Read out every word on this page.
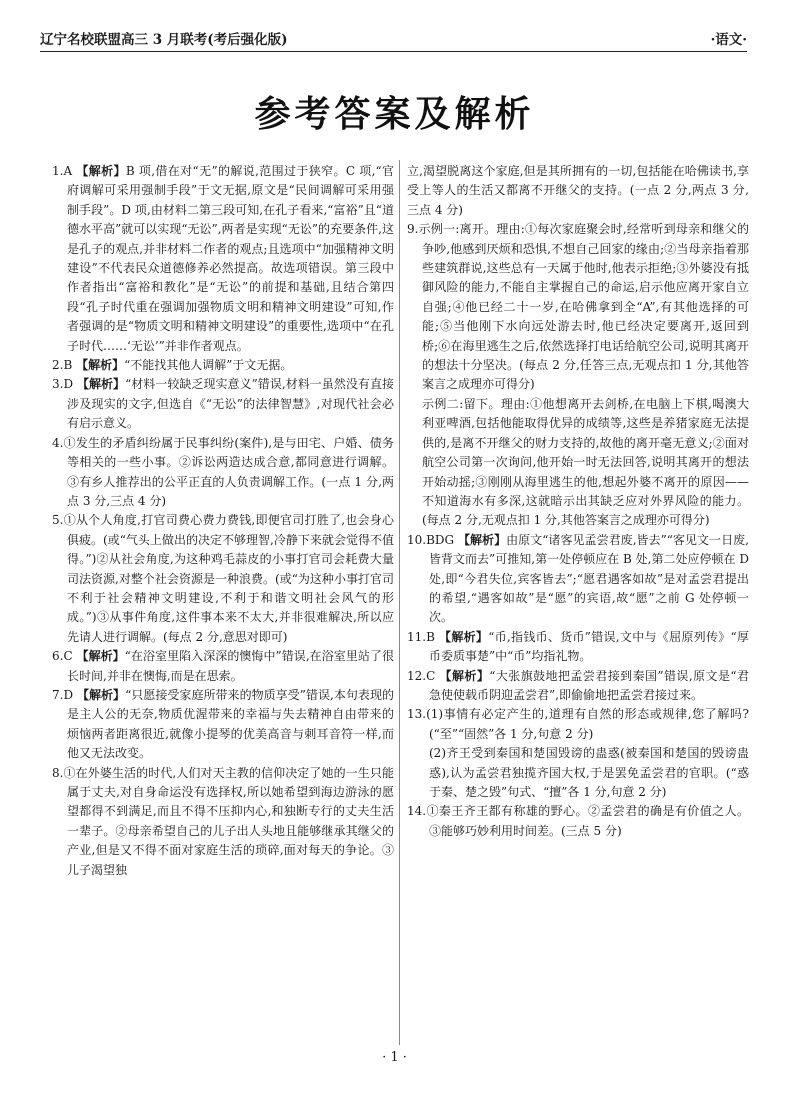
辽宁名校联盟高三 3 月联考(考后强化版)	·语文·
参考答案及解析
1.A 【解析】B 项,借在对“无”的解说,范围过于狭窄。C 项,“官府调解可采用强制手段”于文无据,原文是“民间调解可采用强制手段”。D 项,由材料二第三段可知,在孔子看来,“富裕”且“道德水平高”就可以实现“无讼”,两者是实现“无讼”的充要条件,这是孔子的观点,并非材料二作者的观点;且选项中“加强精神文明建设”不代表民众道德修养必然提高。故选项错误。第三段中作者指出“富裕和教化”是“无讼”的前提和基础,且结合第四段“孔子时代重在强调加强物质文明和精神文明建设”可知,作者强调的是“物质文明和精神文明建设”的重要性,选项中“在孔子时代……‘无讼’”并非作者观点。
2.B 【解析】“不能找其他人调解”于文无据。
3.D 【解析】“材料一较缺乏现实意义”错误,材料一虽然没有直接涉及现实的文字,但选自《“无讼”的法律智慧》,对现代社会必有启示意义。
4.①发生的矛盾纠纷属于民事纠纷(案件),是与田宅、户婚、债务等相关的一些小事。②诉讼两造达成合意,都同意进行调解。③有乡人推荐出的公平正直的人负责调解工作。(一点 1 分,两点 3 分,三点 4 分)
5.①从个人角度,打官司费心费力费钱,即便官司打胜了,也会身心俱疲。(或“气头上做出的决定不够理智,冷静下来就会觉得不值得。”)②从社会角度,为这种鸡毛蒜皮的小事打官司会耗费大量司法资源,对整个社会资源是一种浪费。(或“为这种小事打官司不利于社会精神文明建设,不利于和谐文明社会风气的形成。”)③从事件角度,这件事本来不太大,并非很难解决,所以应先请人进行调解。(每点 2 分,意思对即可)
6.C 【解析】“在浴室里陷入深深的懊悔中”错误,在浴室里站了很长时间,并非在懊悔,而是在思索。
7.D 【解析】“只愿接受家庭所带来的物质享受”错误,本句表现的是主人公的无奈,物质优渥带来的幸福与失去精神自由带来的烦恼两者距离很近,就像小提琴的优美高音与刺耳音符一样,而他又无法改变。
8.①在外婆生活的时代,人们对天主教的信仰决定了她的一生只能属于丈夫,对自身命运没有选择权,所以她希望到海边游泳的愿望都得不到满足,而且不得不压抑内心,和独断专行的丈夫生活一辈子。②母亲希望自己的儿子出人头地且能够继承其继父的产业,但是又不得不面对家庭生活的琐碎,面对每天的争论。③儿子渴望独
立,渴望脱离这个家庭,但是其所拥有的一切,包括能在哈佛读书,享受上等人的生活又都离不开继父的支持。(一点 2 分,两点 3 分,三点 4 分)
9.示例一:离开。理由:①每次家庭聚会时,经常听到母亲和继父的争吵,他感到厌烦和恐惧,不想自己回家的缘由;②当母亲指着那些建筑群说,这些总有一天属于他时,他表示拒绝;③外婆没有抵御风险的能力,不能自主掌握自己的命运,启示他应离开家自立自强;④他已经二十一岁,在哈佛拿到全“A”,有其他选择的可能;⑤当他刚下水向远处游去时,他已经决定要离开,返回到桥;⑥在海里逃生之后,依然选择打电话给航空公司,说明其离开的想法十分坚决。(每点 2 分,任答三点,无观点扣 1 分,其他答案言之成理亦可得分)
示例二:留下。理由:①他想离开去剑桥,在电脑上下棋,喝澳大利亚啤酒,包括他能取得优异的成绩等,这些是养猪家庭无法提供的,是离不开继父的财力支持的,故他的离开毫无意义;②面对航空公司第一次询问,他开始一时无法回答,说明其离开的想法开始动摇;③刚刚从海里逃生的他,想起外婆不离开的原因——不知道海水有多深,这就暗示出其缺乏应对外界风险的能力。(每点 2 分,无观点扣 1 分,其他答案言之成理亦可得分)
10.BDG 【解析】由原文“诸客见孟尝君废,皆去”“客见文一日废,皆背文而去”可推知,第一处停顿应在 B 处,第二处应停顿在 D 处,即“今君失位,宾客皆去”;“愿君遇客如故”是对孟尝君提出的希望,“遇客如故”是“愿”的宾语,故“愿”之前 G 处停顿一次。
11.B 【解析】“币,指钱币、货币”错误,文中与《屈原列传》“厚币委质事楚”中“币”均指礼物。
12.C 【解析】“大张旗鼓地把孟尝君接到秦国”错误,原文是“君急使使载币阴迎孟尝君”,即偷偷地把孟尝君接过来。
13.(1)事情有必定产生的,道理有自然的形态或规律,您了解吗?(“至”“固然”各 1 分,句意 2 分)
(2)齐王受到秦国和楚国毁谤的蛊惑(被秦国和楚国的毁谤蛊惑),认为孟尝君独揽齐国大权,于是罢免孟尝君的官职。(“惑于秦、楚之毁”句式、“擅”各 1 分,句意 2 分)
14.①秦王齐王都有称雄的野心。②孟尝君的确是有价值之人。③能够巧妙利用时间差。(三点 5 分)
· 1 ·
